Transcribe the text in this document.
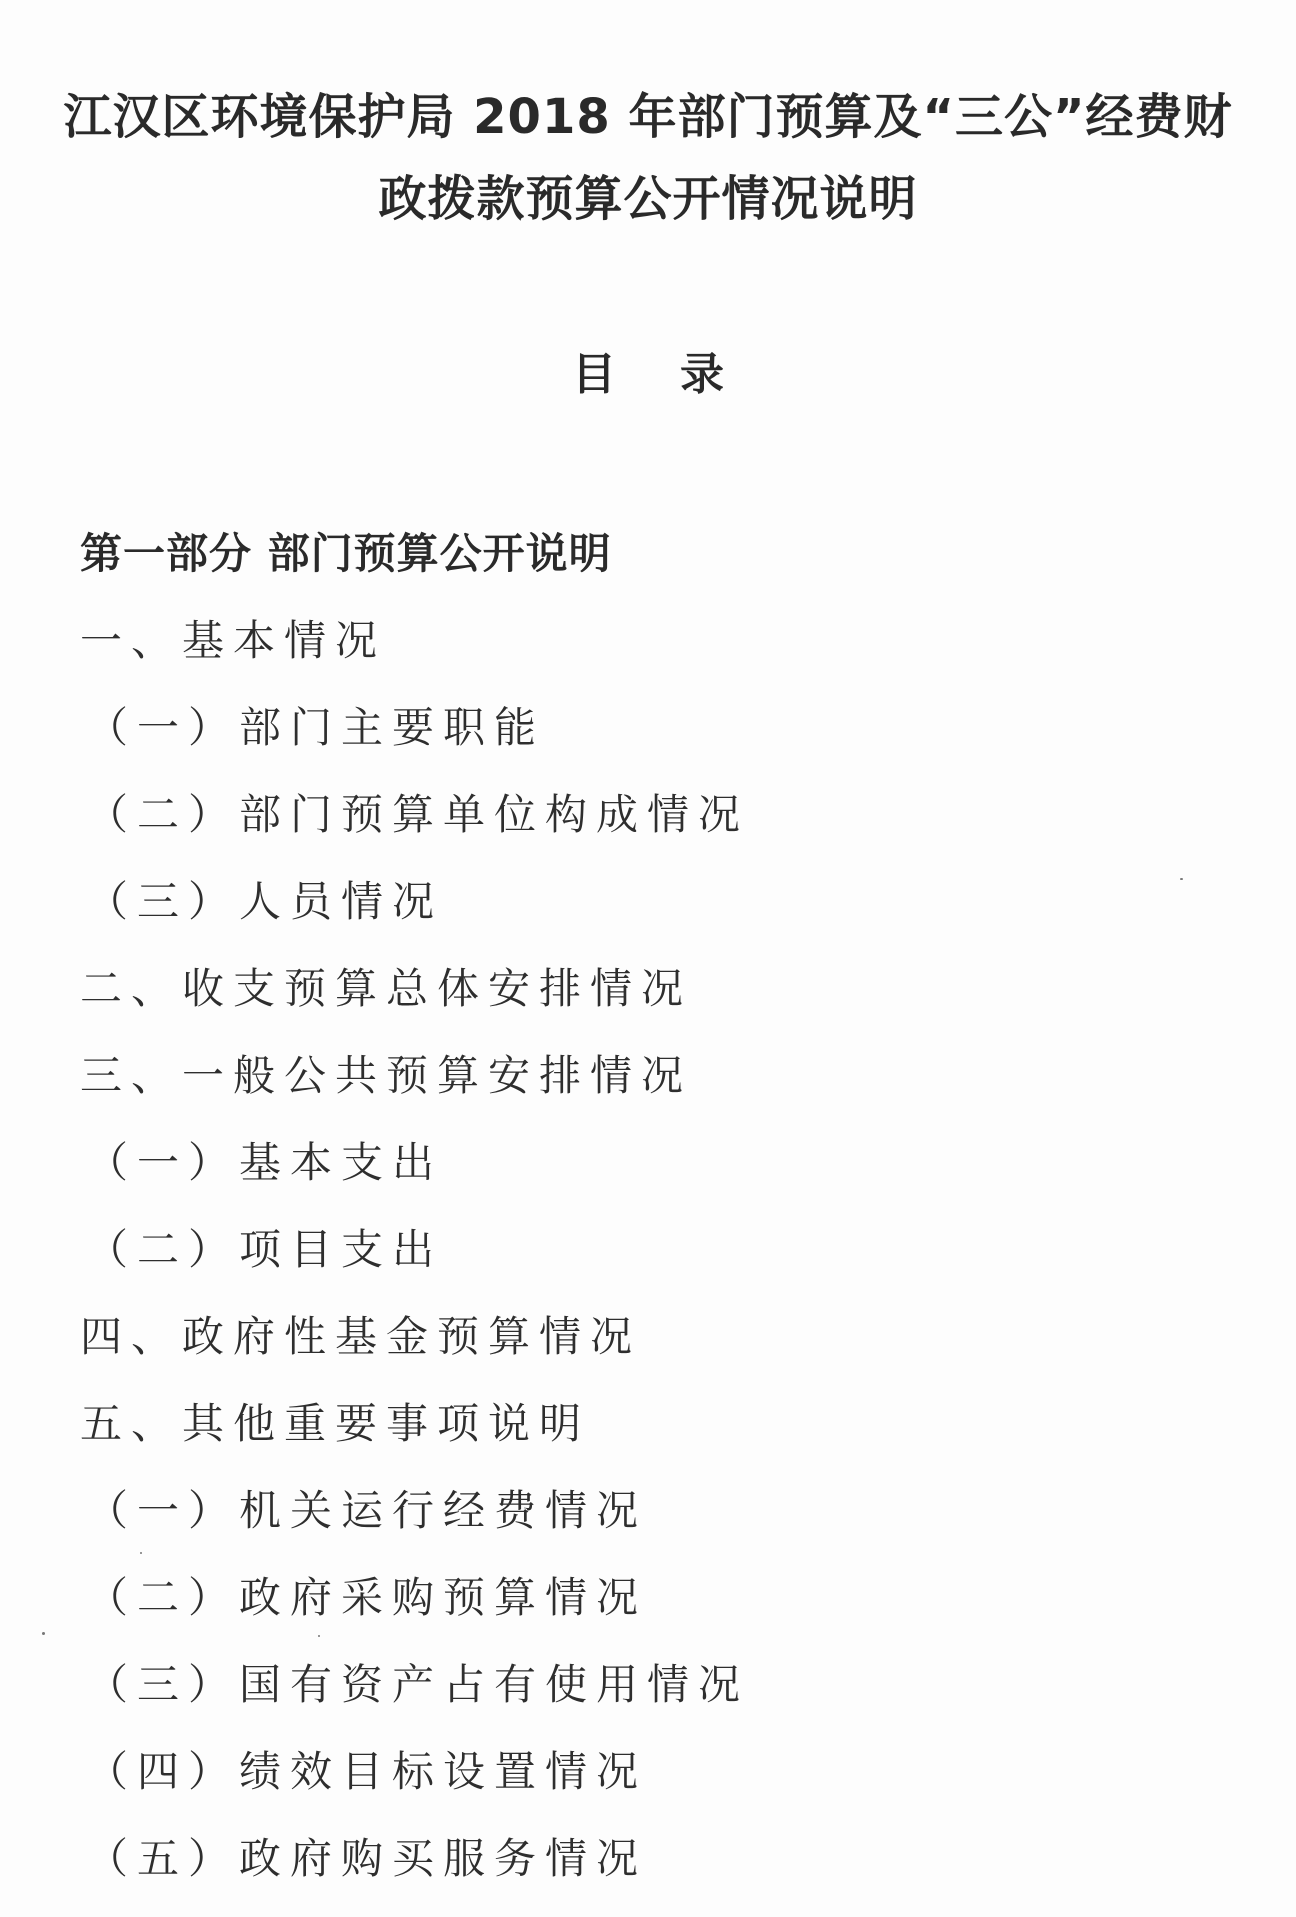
江汉区环境保护局 2018 年部门预算及“三公”经费财
政拨款预算公开情况说明
目 录
第一部分 部门预算公开说明
一、基本情况
（一）部门主要职能
（二）部门预算单位构成情况
（三）人员情况
二、收支预算总体安排情况
三、一般公共预算安排情况
（一）基本支出
（二）项目支出
四、政府性基金预算情况
五、其他重要事项说明
（一）机关运行经费情况
（二）政府采购预算情况
（三）国有资产占有使用情况
（四）绩效目标设置情况
（五）政府购买服务情况
